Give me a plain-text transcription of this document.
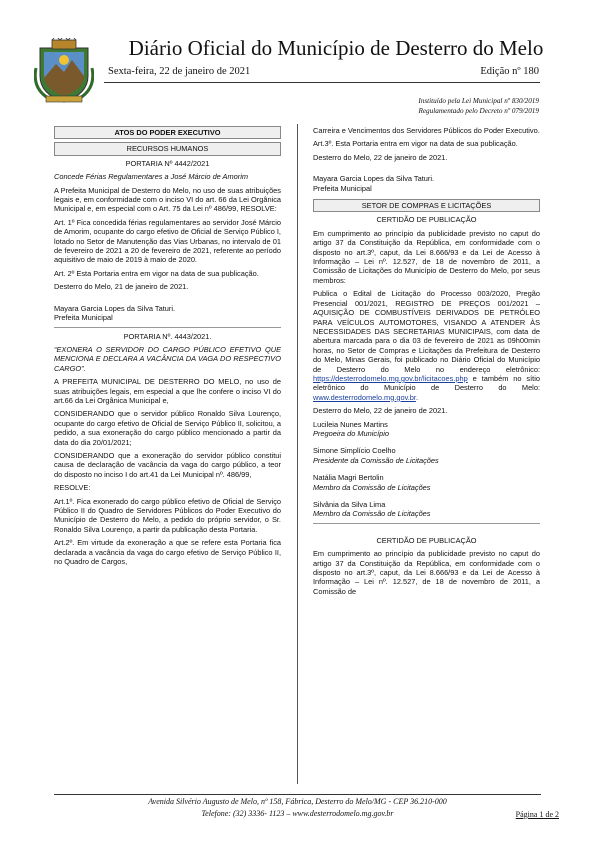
Diário Oficial do Município de Desterro do Melo
Sexta-feira, 22 de janeiro de 2021	Edição nº 180
Instituído pela Lei Municipal nº 830/2019
Regulamentado pelo Decreto nº 079/2019
ATOS DO PODER EXECUTIVO
RECURSOS HUMANOS

PORTARIA Nº 4442/2021

Concede Férias Regulamentares a José Márcio de Amorim

A Prefeita Municipal de Desterro do Melo, no uso de suas atribuições legais e, em conformidade com o inciso VI do art. 66 da Lei Orgânica Municipal e, em especial com o Art. 75 da Lei nº 486/99, RESOLVE:

Art. 1º Fica concedida férias regulamentares ao servidor José Márcio de Amorim, ocupante do cargo efetivo de Oficial de Serviço Público I, lotado no Setor de Manutenção das Vias Urbanas, no intervalo de 01 de fevereiro de 2021 a 20 de fevereiro de 2021, referente ao período aquisitivo de maio de 2019 à maio de 2020.

Art. 2º Esta Portaria entra em vigor na data de sua publicação.

Desterro do Melo, 21 de janeiro de 2021.

Mayara Garcia Lopes da Silva Taturi.

Prefeita Municipal

PORTARIA Nº. 4443/2021.

“EXONERA O SERVIDOR DO CARGO PÚBLICO EFETIVO QUE MENCIONA E DECLARA A VACÂNCIA DA VAGA DO RESPECTIVO CARGO”.

A PREFEITA MUNICIPAL DE DESTERRO DO MELO, no uso de suas atribuições legais, em especial a que lhe confere o inciso VI do art.66 da Lei Orgânica Municipal e,

CONSIDERANDO que o servidor público Ronaldo Silva Lourenço, ocupante do cargo efetivo de Oficial de Serviço Público II, solicitou, a pedido, a sua exoneração do cargo público mencionado a partir da data do dia 20/01/2021;

CONSIDERANDO que a exoneração do servidor público constitui causa de declaração de vacância da vaga do cargo público, a teor do disposto no inciso I do art.41 da Lei Municipal nº. 486/99,

RESOLVE:

Art.1º. Fica exonerado do cargo público efetivo de Oficial de Serviço Público II do Quadro de Servidores Públicos do Poder Executivo do Município de Desterro do Melo, a pedido do próprio servidor, o Sr. Ronaldo Silva Lourenço, a partir da publicação desta Portaria.

Art.2º. Em virtude da exoneração a que se refere esta Portaria fica declarada a vacância da vaga do cargo efetivo de Serviço Público II, no Quadro de Cargos,

Carreira e Vencimentos dos Servidores Públicos do Poder Executivo.

Art.3º. Esta Portaria entra em vigor na data de sua publicação.

Desterro do Melo, 22 de janeiro de 2021.

Mayara Garcia Lopes da Silva Taturi.

Prefeita Municipal

SETOR DE COMPRAS E LICITAÇÕES

CERTIDÃO DE PUBLICAÇÃO

Em cumprimento ao princípio da publicidade previsto no caput do artigo 37 da Constituição da República, em conformidade com o disposto no art.3º, caput, da Lei 8.666/93 e da Lei de Acesso à Informação – Lei nº. 12.527, de 18 de novembro de 2011, a Comissão de Licitações do Município de Desterro do Melo, por seus membros:

Publica o Edital de Licitação do Processo 003/2020, Pregão Presencial 001/2021, REGISTRO DE PREÇOS 001/2021 – AQUISIÇÃO DE COMBUSTÍVEIS DERIVADOS DE PETRÓLEO PARA VEÍCULOS AUTOMOTORES, VISANDO A ATENDER ÀS NECESSIDADES DAS SECRETARIAS MUNICIPAIS, com data de abertura marcada para o dia 03 de fevereiro de 2021 as 09h00min horas, no Setor de Compras e Licitações da Prefeitura de Desterro do Melo, Minas Gerais, foi publicado no Diário Oficial do Município de Desterro do Melo no endereço eletrônico: https://desterrodomelo.mg.gov.br/licitacoes.php e também no sítio eletrônico do Município de Desterro do Melo: www.desterrodomelo.mg.gov.br.

Desterro do Melo, 22 de janeiro de 2021.

Lucileia Nunes Martins

Pregoeira do Município

Simone Simplício Coelho

Presidente da Comissão de Licitações

Natália Magri Bertolin

Membro da Comissão de Licitações

Silvânia da Silva Lima

Membro da Comissão de Licitações

CERTIDÃO DE PUBLICAÇÃO

Em cumprimento ao princípio da publicidade previsto no caput do artigo 37 da Constituição da República, em conformidade com o disposto no art.3º, caput, da Lei 8.666/93 e da Lei de Acesso à Informação – Lei nº. 12.527, de 18 de novembro de 2011, a Comissão de

Avenida Silvério Augusto de Melo, nº 158, Fábrica, Desterro do Melo/MG - CEP 36.210-000
Telefone: (32) 3336- 1123 – www.desterrodomelo.mg.gov.br	Página 1 de 2
